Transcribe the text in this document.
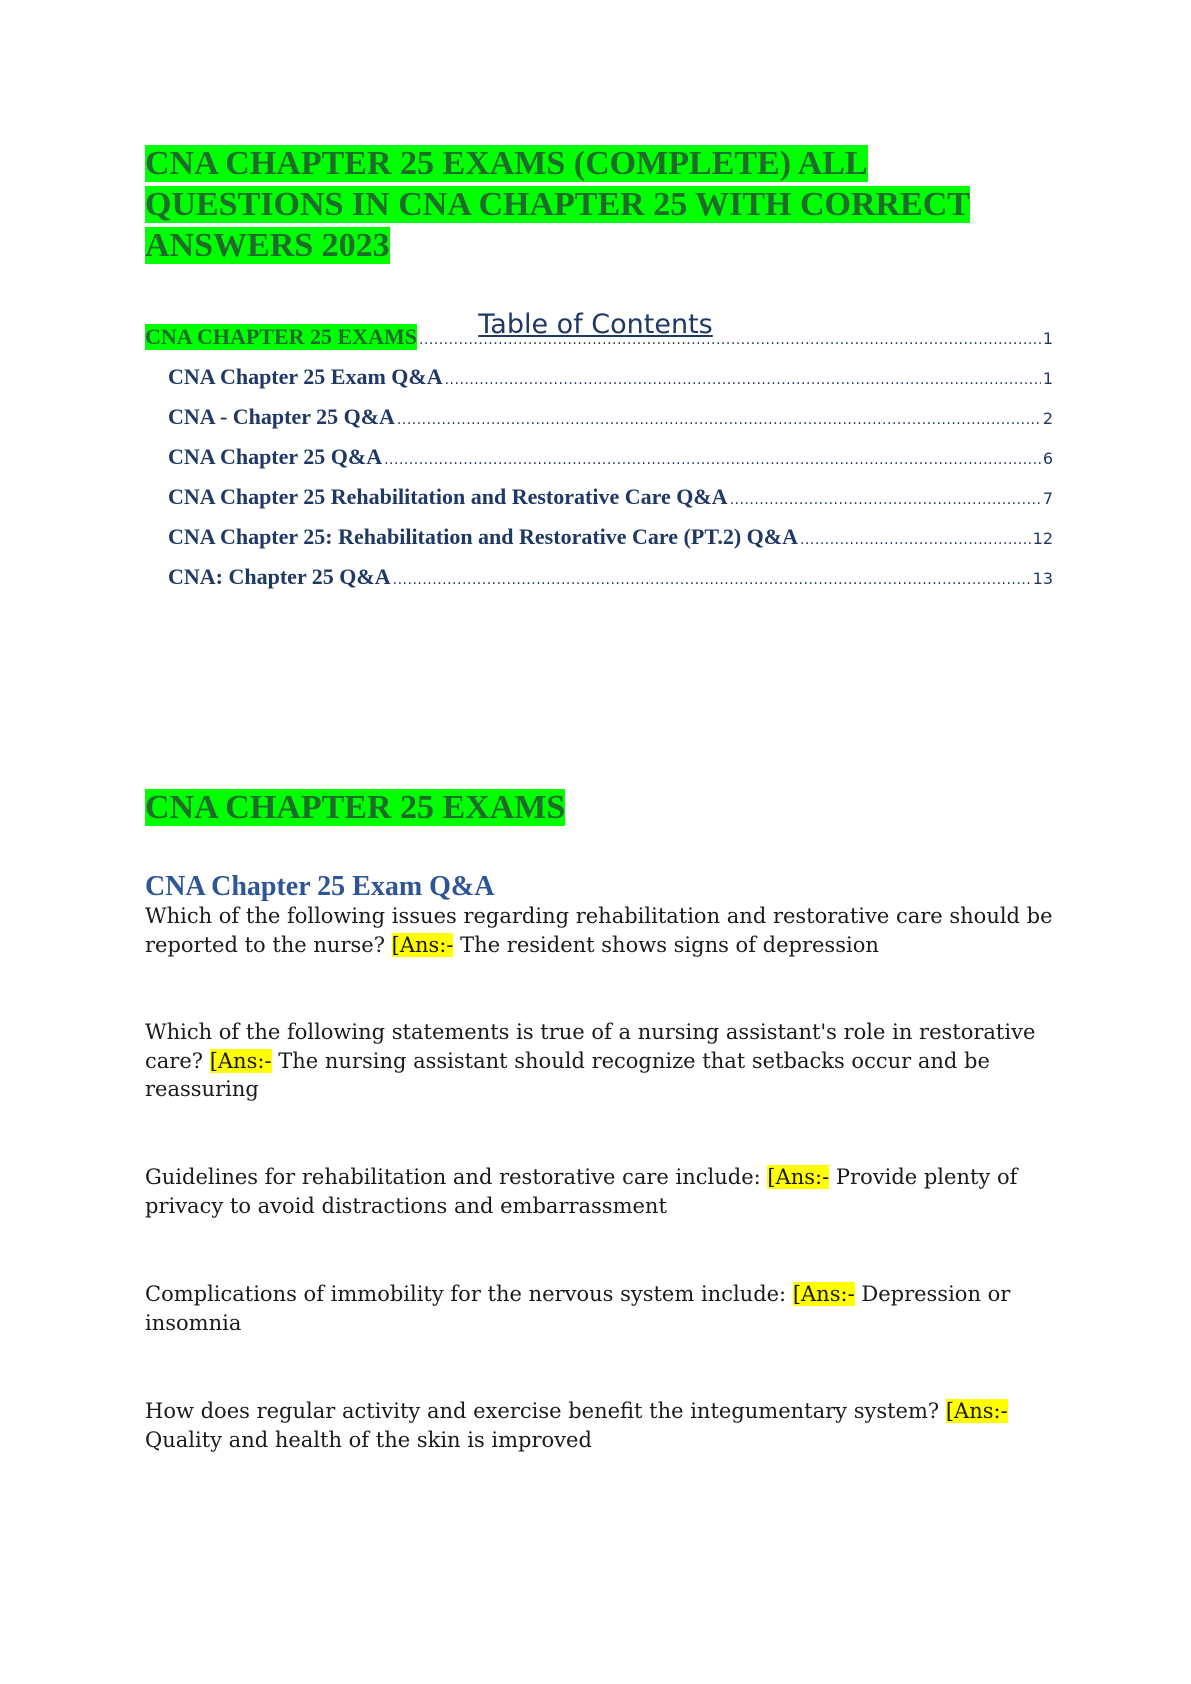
CNA CHAPTER 25 EXAMS (COMPLETE) ALL QUESTIONS IN CNA CHAPTER 25 WITH CORRECT ANSWERS 2023
Table of Contents
CNA CHAPTER 25 EXAMS .....	1
CNA Chapter 25 Exam Q&A .....	1
CNA - Chapter 25 Q&A .....	2
CNA Chapter 25 Q&A .....	6
CNA Chapter 25 Rehabilitation and Restorative Care Q&A .....	7
CNA Chapter 25: Rehabilitation and Restorative Care (PT.2) Q&A .....	12
CNA: Chapter 25 Q&A .....	13
CNA CHAPTER 25 EXAMS
CNA Chapter 25 Exam Q&A

Which of the following issues regarding rehabilitation and restorative care should be reported to the nurse? [Ans:- The resident shows signs of depression

Which of the following statements is true of a nursing assistant's role in restorative care? [Ans:- The nursing assistant should recognize that setbacks occur and be reassuring

Guidelines for rehabilitation and restorative care include: [Ans:- Provide plenty of privacy to avoid distractions and embarrassment

Complications of immobility for the nervous system include: [Ans:- Depression or insomnia

How does regular activity and exercise benefit the integumentary system? [Ans:- Quality and health of the skin is improved
